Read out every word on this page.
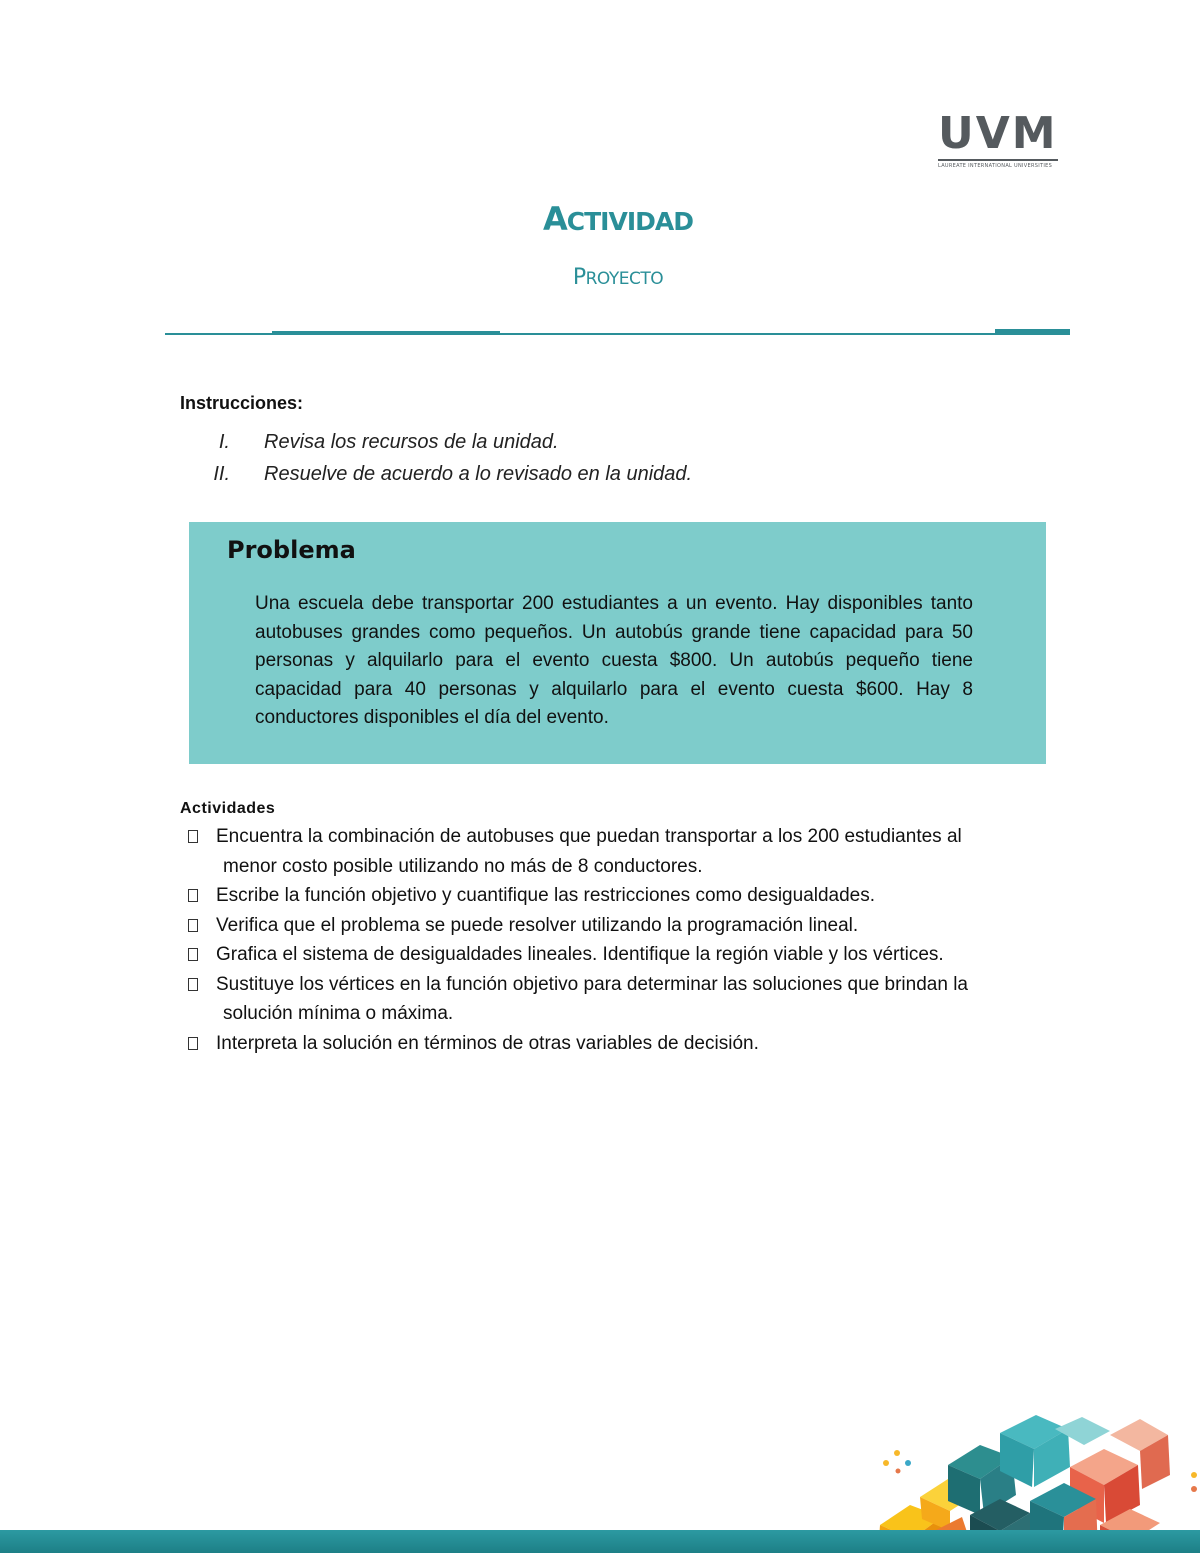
UVM
LAUREATE INTERNATIONAL UNIVERSITIES
ACTIVIDAD
PROYECTO
Instrucciones:
I. Revisa los recursos de la unidad.
II. Resuelve de acuerdo a lo revisado en la unidad.
Problema
Una escuela debe transportar 200 estudiantes a un evento. Hay disponibles tanto autobuses grandes como pequeños. Un autobús grande tiene capacidad para 50 personas y alquilarlo para el evento cuesta $800. Un autobús pequeño tiene capacidad para 40 personas y alquilarlo para el evento cuesta $600. Hay 8 conductores disponibles el día del evento.
Actividades
Encuentra la combinación de autobuses que puedan transportar a los 200 estudiantes al
menor costo posible utilizando no más de 8 conductores.
Escribe la función objetivo y cuantifique las restricciones como desigualdades.
Verifica que el problema se puede resolver utilizando la programación lineal.
Grafica el sistema de desigualdades lineales. Identifique la región viable y los vértices.
Sustituye los vértices en la función objetivo para determinar las soluciones que brindan la
solución mínima o máxima.
Interpreta la solución en términos de otras variables de decisión.
